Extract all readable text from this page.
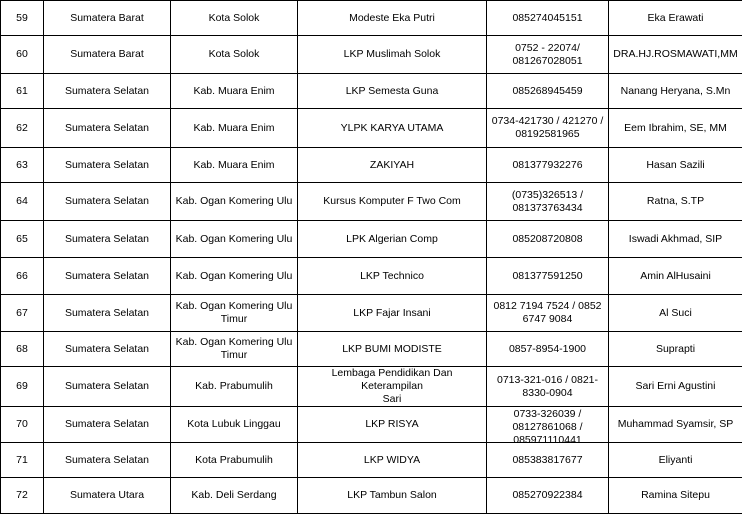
59	Sumatera Barat	Kota Solok	Modeste Eka Putri	085274045151	Eka Erawati

60	Sumatera Barat	Kota Solok	LKP Muslimah Solok	0752 - 22074/
081267028051	DRA.HJ.ROSMAWATI,MM

61	Sumatera Selatan	Kab. Muara Enim	LKP Semesta Guna	085268945459	Nanang Heryana, S.Mn

62	Sumatera Selatan	Kab. Muara Enim	YLPK KARYA UTAMA	0734-421730 / 421270 /
08192581965	Eem Ibrahim, SE, MM

63	Sumatera Selatan	Kab. Muara Enim	ZAKIYAH	081377932276	Hasan Sazili

64	Sumatera Selatan	Kab. Ogan Komering Ulu	Kursus Komputer F Two Com	(0735)326513 /
081373763434	Ratna, S.TP

65	Sumatera Selatan	Kab. Ogan Komering Ulu	LPK Algerian Comp	085208720808	Iswadi Akhmad, SIP

66	Sumatera Selatan	Kab. Ogan Komering Ulu	LKP Technico	081377591250	Amin AlHusaini

67	Sumatera Selatan	Kab. Ogan Komering Ulu
Timur	LKP Fajar Insani	0812 7194 7524 / 0852
6747 9084	Al Suci

68	Sumatera Selatan	Kab. Ogan Komering Ulu
Timur	LKP BUMI MODISTE	0857-8954-1900	Suprapti

69	Sumatera Selatan	Kab. Prabumulih	Lembaga Pendidikan Dan Keterampilan
Sari	0713-321-016 / 0821-
8330-0904	Sari Erni Agustini

70	Sumatera Selatan	Kota Lubuk Linggau	LKP RISYA	0733-326039 /
08127861068 /
085971110441	Muhammad Syamsir, SP

71	Sumatera Selatan	Kota Prabumulih	LKP WIDYA	085383817677	Eliyanti

72	Sumatera Utara	Kab. Deli Serdang	LKP Tambun Salon	085270922384	Ramina Sitepu
